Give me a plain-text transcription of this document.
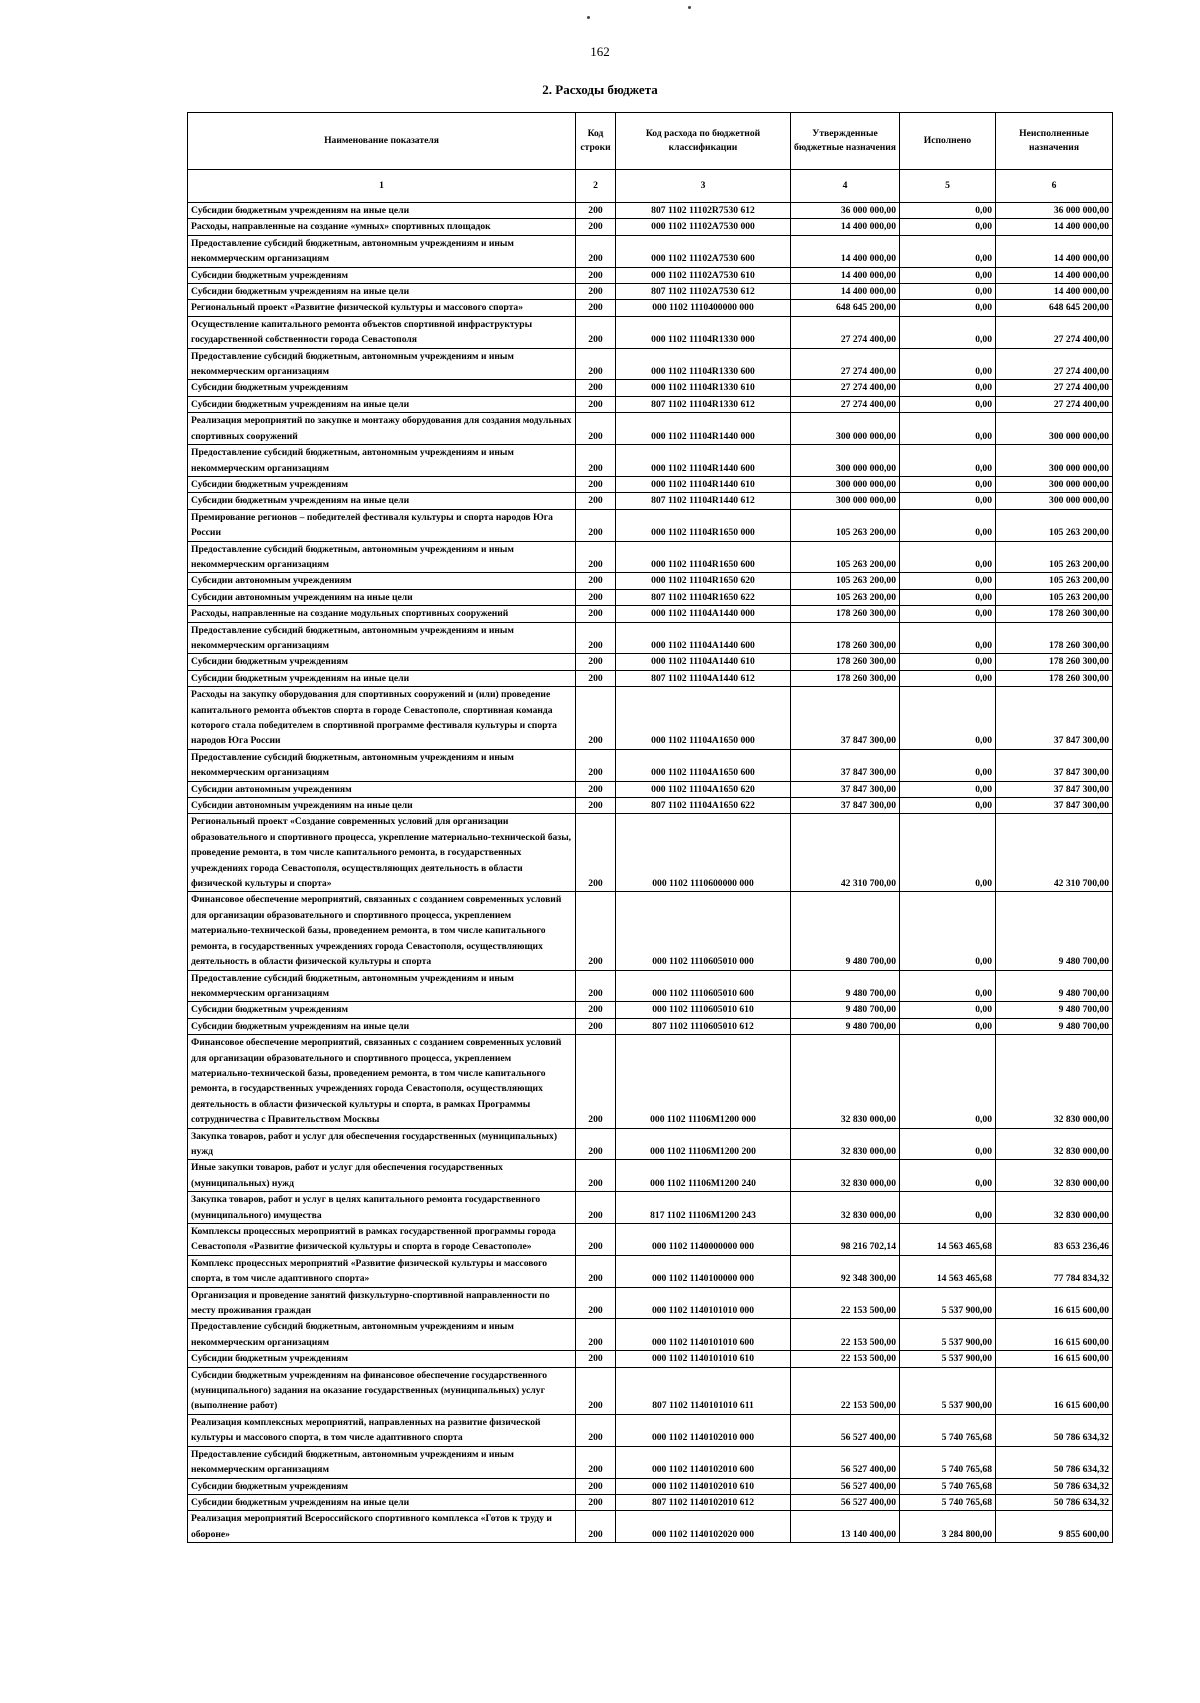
162
2. Расходы бюджета
Наименование показателя	Код строки	Код расхода по бюджетной классификации	Утвержденные бюджетные назначения	Исполнено	Неисполненные назначения
1	2	3	4	5	6
Субсидии бюджетным учреждениям на иные цели	200	807 1102 11102R7530 612	36 000 000,00	0,00	36 000 000,00
Расходы, направленные на создание «умных» спортивных площадок	200	000 1102 11102А7530 000	14 400 000,00	0,00	14 400 000,00
Предоставление субсидий бюджетным, автономным учреждениям и иным некоммерческим организациям	200	000 1102 11102А7530 600	14 400 000,00	0,00	14 400 000,00
Субсидии бюджетным учреждениям	200	000 1102 11102А7530 610	14 400 000,00	0,00	14 400 000,00
Субсидии бюджетным учреждениям на иные цели	200	807 1102 11102А7530 612	14 400 000,00	0,00	14 400 000,00
Региональный проект «Развитие физической культуры и массового спорта»	200	000 1102 1110400000 000	648 645 200,00	0,00	648 645 200,00
Осуществление капитального ремонта объектов спортивной инфраструктуры государственной собственности города Севастополя	200	000 1102 11104R1330 000	27 274 400,00	0,00	27 274 400,00
Предоставление субсидий бюджетным, автономным учреждениям и иным некоммерческим организациям	200	000 1102 11104R1330 600	27 274 400,00	0,00	27 274 400,00
Субсидии бюджетным учреждениям	200	000 1102 11104R1330 610	27 274 400,00	0,00	27 274 400,00
Субсидии бюджетным учреждениям на иные цели	200	807 1102 11104R1330 612	27 274 400,00	0,00	27 274 400,00
Реализация мероприятий по закупке и монтажу оборудования для создания модульных спортивных сооружений	200	000 1102 11104R1440 000	300 000 000,00	0,00	300 000 000,00
Предоставление субсидий бюджетным, автономным учреждениям и иным некоммерческим организациям	200	000 1102 11104R1440 600	300 000 000,00	0,00	300 000 000,00
Субсидии бюджетным учреждениям	200	000 1102 11104R1440 610	300 000 000,00	0,00	300 000 000,00
Субсидии бюджетным учреждениям на иные цели	200	807 1102 11104R1440 612	300 000 000,00	0,00	300 000 000,00
Премирование регионов – победителей фестиваля культуры и спорта народов Юга России	200	000 1102 11104R1650 000	105 263 200,00	0,00	105 263 200,00
Предоставление субсидий бюджетным, автономным учреждениям и иным некоммерческим организациям	200	000 1102 11104R1650 600	105 263 200,00	0,00	105 263 200,00
Субсидии автономным учреждениям	200	000 1102 11104R1650 620	105 263 200,00	0,00	105 263 200,00
Субсидии автономным учреждениям на иные цели	200	807 1102 11104R1650 622	105 263 200,00	0,00	105 263 200,00
Расходы, направленные на создание модульных спортивных сооружений	200	000 1102 11104А1440 000	178 260 300,00	0,00	178 260 300,00
Предоставление субсидий бюджетным, автономным учреждениям и иным некоммерческим организациям	200	000 1102 11104А1440 600	178 260 300,00	0,00	178 260 300,00
Субсидии бюджетным учреждениям	200	000 1102 11104А1440 610	178 260 300,00	0,00	178 260 300,00
Субсидии бюджетным учреждениям на иные цели	200	807 1102 11104А1440 612	178 260 300,00	0,00	178 260 300,00
Расходы на закупку оборудования для спортивных сооружений и (или) проведение капитального ремонта объектов спорта в городе Севастополе, спортивная команда которого стала победителем в спортивной программе фестиваля культуры и спорта народов Юга России	200	000 1102 11104А1650 000	37 847 300,00	0,00	37 847 300,00
Предоставление субсидий бюджетным, автономным учреждениям и иным некоммерческим организациям	200	000 1102 11104А1650 600	37 847 300,00	0,00	37 847 300,00
Субсидии автономным учреждениям	200	000 1102 11104А1650 620	37 847 300,00	0,00	37 847 300,00
Субсидии автономным учреждениям на иные цели	200	807 1102 11104А1650 622	37 847 300,00	0,00	37 847 300,00
Региональный проект «Создание современных условий для организации образовательного и спортивного процесса, укрепление материально-технической базы, проведение ремонта, в том числе капитального ремонта, в государственных учреждениях города Севастополя, осуществляющих деятельность в области физической культуры и спорта»	200	000 1102 1110600000 000	42 310 700,00	0,00	42 310 700,00
Финансовое обеспечение мероприятий, связанных с созданием современных условий для организации образовательного и спортивного процесса, укреплением материально-технической базы, проведением ремонта, в том числе капитального ремонта, в государственных учреждениях города Севастополя, осуществляющих деятельность в области физической культуры и спорта	200	000 1102 1110605010 000	9 480 700,00	0,00	9 480 700,00
Предоставление субсидий бюджетным, автономным учреждениям и иным некоммерческим организациям	200	000 1102 1110605010 600	9 480 700,00	0,00	9 480 700,00
Субсидии бюджетным учреждениям	200	000 1102 1110605010 610	9 480 700,00	0,00	9 480 700,00
Субсидии бюджетным учреждениям на иные цели	200	807 1102 1110605010 612	9 480 700,00	0,00	9 480 700,00
Финансовое обеспечение мероприятий, связанных с созданием современных условий для организации образовательного и спортивного процесса, укреплением материально-технической базы, проведением ремонта, в том числе капитального ремонта, в государственных учреждениях города Севастополя, осуществляющих деятельность в области физической культуры и спорта, в рамках Программы сотрудничества с Правительством Москвы	200	000 1102 11106М1200 000	32 830 000,00	0,00	32 830 000,00
Закупка товаров, работ и услуг для обеспечения государственных (муниципальных) нужд	200	000 1102 11106М1200 200	32 830 000,00	0,00	32 830 000,00
Иные закупки товаров, работ и услуг для обеспечения государственных (муниципальных) нужд	200	000 1102 11106М1200 240	32 830 000,00	0,00	32 830 000,00
Закупка товаров, работ и услуг в целях капитального ремонта государственного (муниципального) имущества	200	817 1102 11106М1200 243	32 830 000,00	0,00	32 830 000,00
Комплексы процессных мероприятий в рамках государственной программы города Севастополя «Развитие физической культуры и спорта в городе Севастополе»	200	000 1102 1140000000 000	98 216 702,14	14 563 465,68	83 653 236,46
Комплекс процессных мероприятий «Развитие физической культуры и массового спорта, в том числе адаптивного спорта»	200	000 1102 1140100000 000	92 348 300,00	14 563 465,68	77 784 834,32
Организация и проведение занятий физкультурно-спортивной направленности по месту проживания граждан	200	000 1102 1140101010 000	22 153 500,00	5 537 900,00	16 615 600,00
Предоставление субсидий бюджетным, автономным учреждениям и иным некоммерческим организациям	200	000 1102 1140101010 600	22 153 500,00	5 537 900,00	16 615 600,00
Субсидии бюджетным учреждениям	200	000 1102 1140101010 610	22 153 500,00	5 537 900,00	16 615 600,00
Субсидии бюджетным учреждениям на финансовое обеспечение государственного (муниципального) задания на оказание государственных (муниципальных) услуг (выполнение работ)	200	807 1102 1140101010 611	22 153 500,00	5 537 900,00	16 615 600,00
Реализация комплексных мероприятий, направленных на развитие физической культуры и массового спорта, в том числе адаптивного спорта	200	000 1102 1140102010 000	56 527 400,00	5 740 765,68	50 786 634,32
Предоставление субсидий бюджетным, автономным учреждениям и иным некоммерческим организациям	200	000 1102 1140102010 600	56 527 400,00	5 740 765,68	50 786 634,32
Субсидии бюджетным учреждениям	200	000 1102 1140102010 610	56 527 400,00	5 740 765,68	50 786 634,32
Субсидии бюджетным учреждениям на иные цели	200	807 1102 1140102010 612	56 527 400,00	5 740 765,68	50 786 634,32
Реализация мероприятий Всероссийского спортивного комплекса «Готов к труду и обороне»	200	000 1102 1140102020 000	13 140 400,00	3 284 800,00	9 855 600,00
